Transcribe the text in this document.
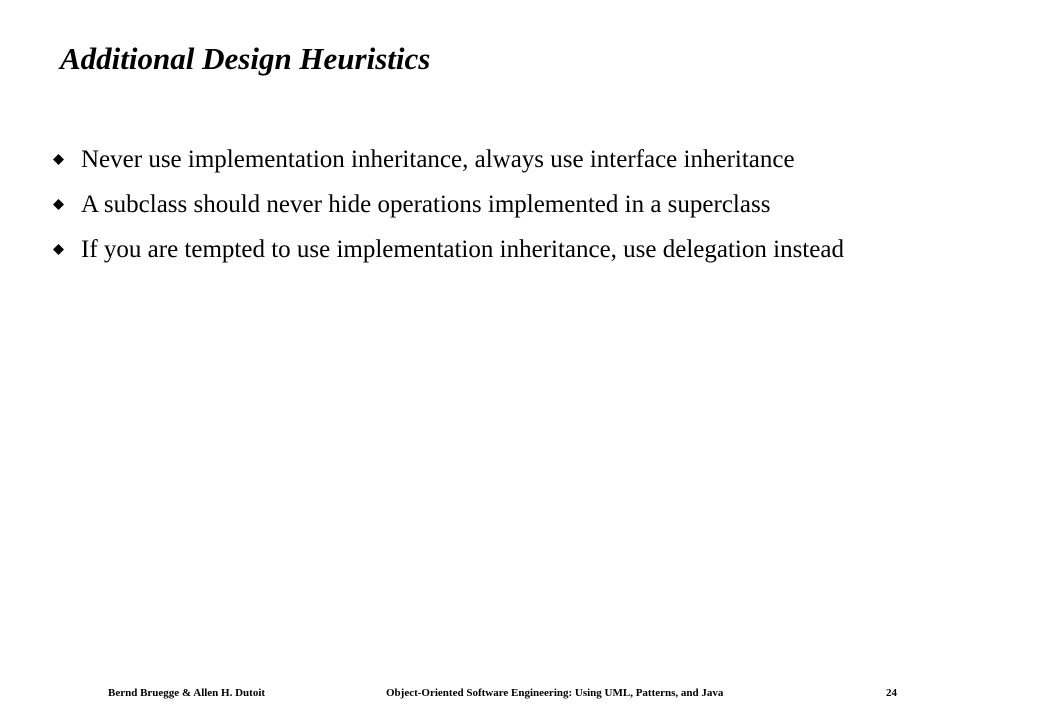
Additional Design Heuristics
Never use implementation inheritance, always use interface inheritance
A subclass should never hide operations implemented in a superclass
If you are tempted to use implementation inheritance, use delegation instead
Bernd Bruegge & Allen H. Dutoit	Object-Oriented Software Engineering: Using UML, Patterns, and Java	24
